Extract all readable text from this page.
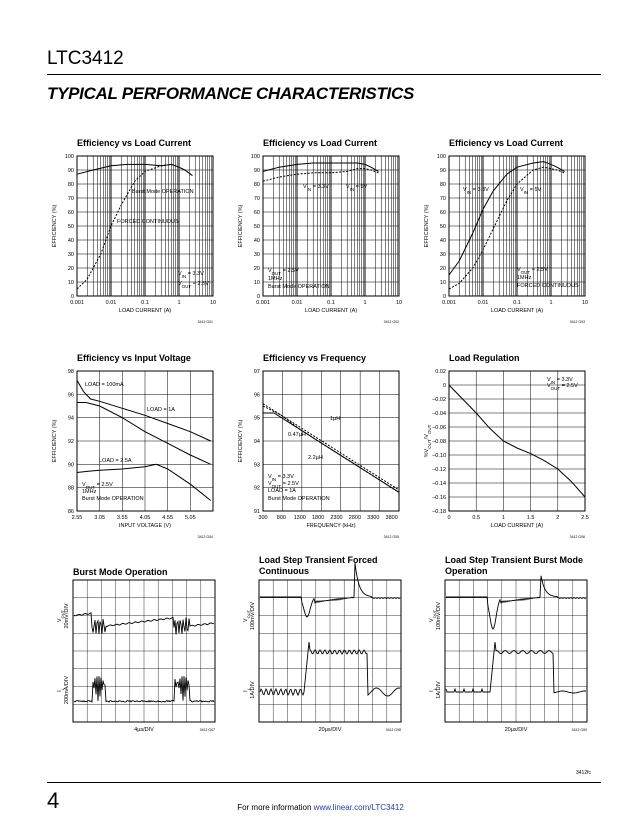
LTC3412
TYPICAL PERFORMANCE CHARACTERISTICS
Efficiency vs Load Current
0
10
20
30
40
50
60
70
80
90
100
0.001	0.01	0.1	1	10
LOAD CURRENT (A)
EFFICIENCY (%)
3412 G01
Burst Mode OPERATION
FORCED CONTINUOUS
$V_{IN} = 3.3V$
$V_{OUT} = 2.5V$
Efficiency vs Load Current
0
10
20
30
40
50
60
70
80
90
100
0.001	0.01	0.1	1	10
LOAD CURRENT (A)
EFFICIENCY (%)
3412 G02
$V_{IN} = 3.3V$	$V_{IN} = 5V$
$V_{OUT} = 2.5V$
1MHz
Burst Mode OPERATION
Efficiency vs Load Current
0
10
20
30
40
50
60
70
80
90
100
0.001	0.01	0.1	1	10
LOAD CURRENT (A)
EFFICIENCY (%)
3412 G03
$V_{IN} = 3.3V$	$V_{IN} = 5V$
$V_{OUT} = 2.5V$
1MHz
FORCED CONTINUOUS
Efficiency vs Input Voltage
86
88
90
92
94
96
98
2.55 3.05 3.55 4.05 4.55 5.05
INPUT VOLTAGE (V)
EFFICIENCY (%)
3412 G04
LOAD = 100mA
LOAD = 1A
LOAD = 2.5A
$V_{OUT} = 2.5V$
1MHz
Burst Mode OPERATION
Efficiency vs Frequency
91
92
93
94
95
96
97
300 800 1300 1800 2300 2800 3300 3800
FREQUENCY (kHz)
EFFICIENCY (%)
3412 G05
1µH
0.47µH
2.2µH
$V_{IN} = 3.3V$
$V_{OUT} = 2.5V$
LOAD = 1A
Burst Mode OPERATION
Load Regulation
0.02
0
–0.02
–0.04
–0.06
–0.08
–0.10
–0.12
–0.14
–0.16
–0.18
0	0.5	1	1.5	2	2.5
LOAD CURRENT (A)
$\%V_{OUT}/V_{OUT}$
3412 G06
$V_{IN} = 3.3V$
$V_{OUT} = 2.5V$
Burst Mode Operation
$V_{OUT}20mV$/DIV
$I_L200mA$/DIV
4µs/DIV	3412 G07
Load Step Transient Forced Continuous
$V_{OUT}100mV$/DIV
$I_L1A$/DIV
20µs/DIV	3412 G08
Load Step Transient Burst Mode Operation
$V_{OUT}100mV$/DIV
$I_L1A$/DIV
20µs/DIV	3412 G09
3412fc
4	For more information www.linear.com/LTC3412
